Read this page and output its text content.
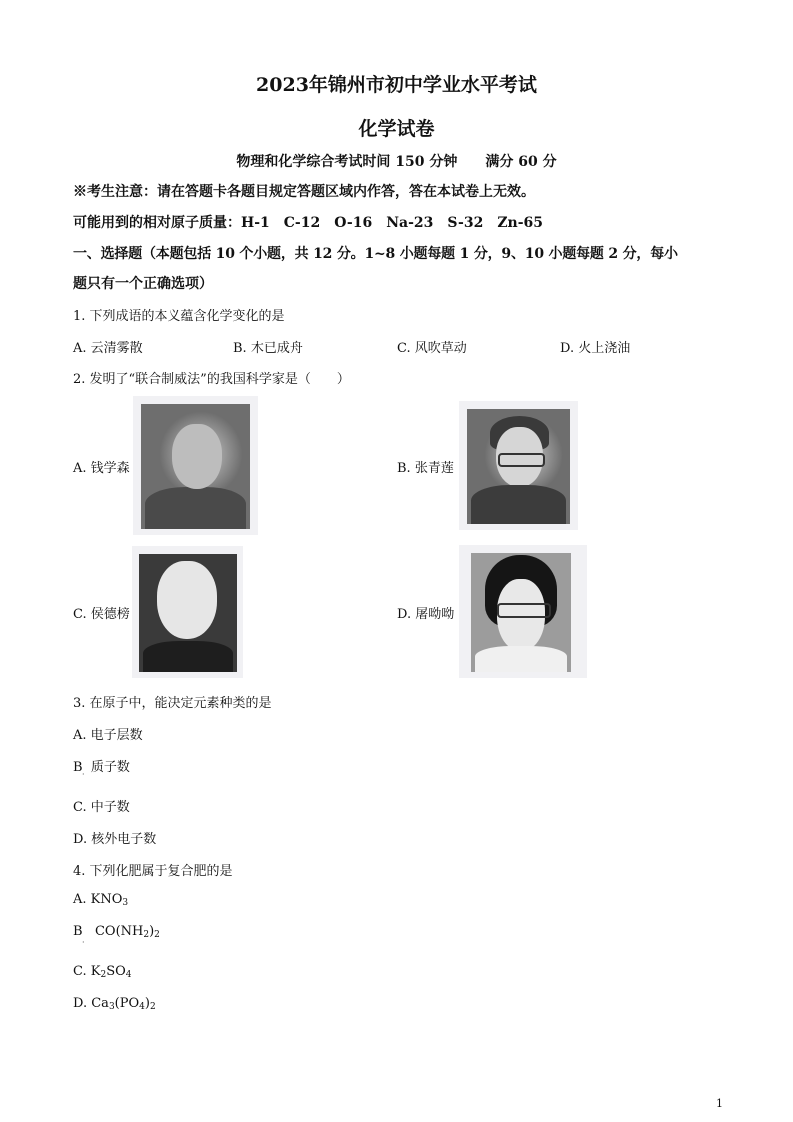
2023年锦州市初中学业水平考试
化学试卷
物理和化学综合考试时间 150 分钟　　满分 60 分
※考生注意：请在答题卡各题目规定答题区域内作答，答在本试卷上无效。
可能用到的相对原子质量：H-1 C-12 O-16 Na-23 S-32 Zn-65
一、选择题（本题包括 10 个小题，共 12 分。1~8 小题每题 1 分，9、10 小题每题 2 分，每小
题只有一个正确选项）
1. 下列成语的本义蕴含化学变化的是
A. 云清雾散	B. 木已成舟	C. 风吹草动	D. 火上浇油
2. 发明了“联合制威法”的我国科学家是（　　）
A. 钱学森	B. 张青莲
C. 侯德榜	D. 屠呦呦
3. 在原子中，能决定元素种类的是
A. 电子层数
B 质子数
·
C. 中子数
D. 核外电子数
4. 下列化肥属于复合肥的是
A. $KNO_3$
B $CO(NH_2)_2$
·
C. $K_2SO_4$
D. $Ca_3(PO_4)_2$
1
